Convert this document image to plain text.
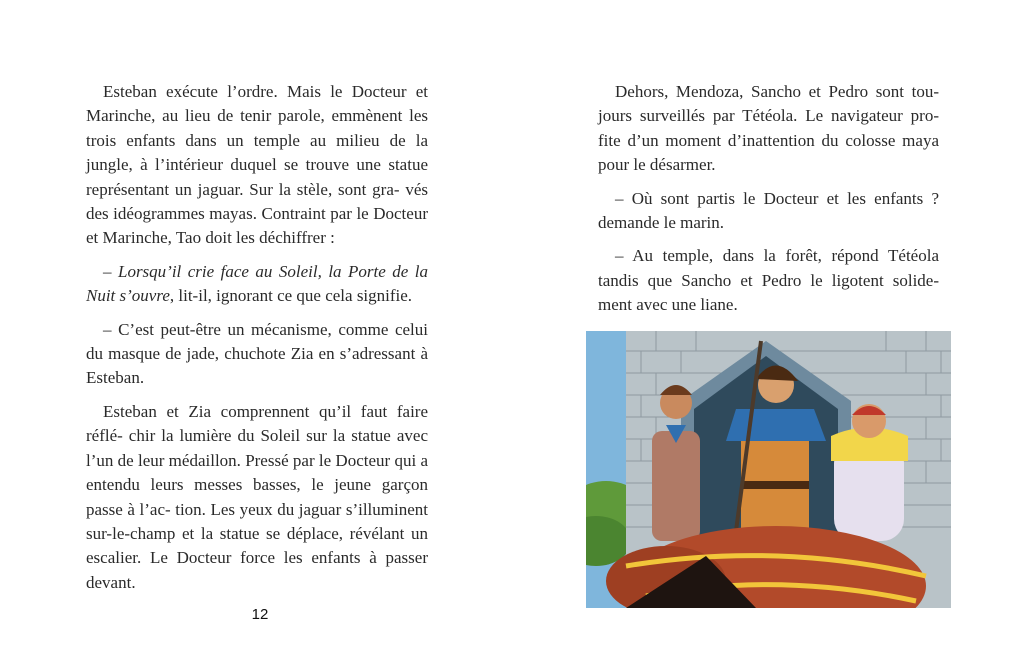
Esteban exécute l’ordre. Mais le Docteur et Marinche, au lieu de tenir parole, emmènent les trois enfants dans un temple au milieu de la jungle, à l’intérieur duquel se trouve une statue représentant un jaguar. Sur la stèle, sont gra- vés des idéogrammes mayas. Contraint par le Docteur et Marinche, Tao doit les déchiffrer :

– Lorsqu’il crie face au Soleil, la Porte de la Nuit s’ouvre, lit-il, ignorant ce que cela signifie.

– C’est peut-être un mécanisme, comme celui du masque de jade, chuchote Zia en s’adressant à Esteban.

Esteban et Zia comprennent qu’il faut faire réflé- chir la lumière du Soleil sur la statue avec l’un de leur médaillon. Pressé par le Docteur qui a entendu leurs messes basses, le jeune garçon passe à l’ac- tion. Les yeux du jaguar s’illuminent sur-le-champ et la statue se déplace, révélant un escalier. Le Docteur force les enfants à passer devant.

12

Dehors, Mendoza, Sancho et Pedro sont tou- jours surveillés par Tétéola. Le navigateur pro- fite d’un moment d’inattention du colosse maya pour le désarmer.

– Où sont partis le Docteur et les enfants ? demande le marin.

– Au temple, dans la forêt, répond Tétéola tandis que Sancho et Pedro le ligotent solide- ment avec une liane.
